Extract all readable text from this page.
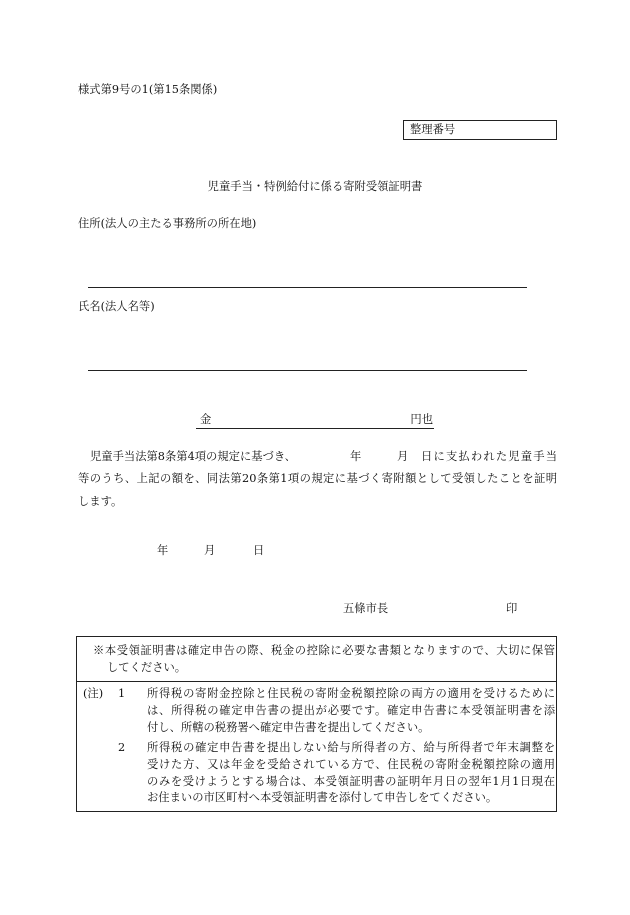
様式第9号の1(第15条関係)
整理番号
児童手当・特例給付に係る寄附受領証明書
住所(法人の主たる事務所の所在地)
氏名(法人名等)
金	円也
児童手当法第8条第4項の規定に基づき、	年	月 日に支払われた児童手当
等のうち、上記の額を、同法第20条第1項の規定に基づく寄附額として受領したことを証明
します。
年	月	日
五條市長	印
※本受領証明書は確定申告の際、税金の控除に必要な書類となりますので、大切に保管
してください。
(注) 1 所得税の寄附金控除と住民税の寄附金税額控除の両方の適用を受けるために
は、所得税の確定申告書の提出が必要です。確定申告書に本受領証明書を添
付し、所轄の税務署へ確定申告書を提出してください。
2 所得税の確定申告書を提出しない給与所得者の方、給与所得者で年末調整を
受けた方、又は年金を受給されている方で、住民税の寄附金税額控除の適用
のみを受けようとする場合は、本受領証明書の証明年月日の翌年1月1日現在
お住まいの市区町村へ本受領証明書を添付して申告しをてください。
